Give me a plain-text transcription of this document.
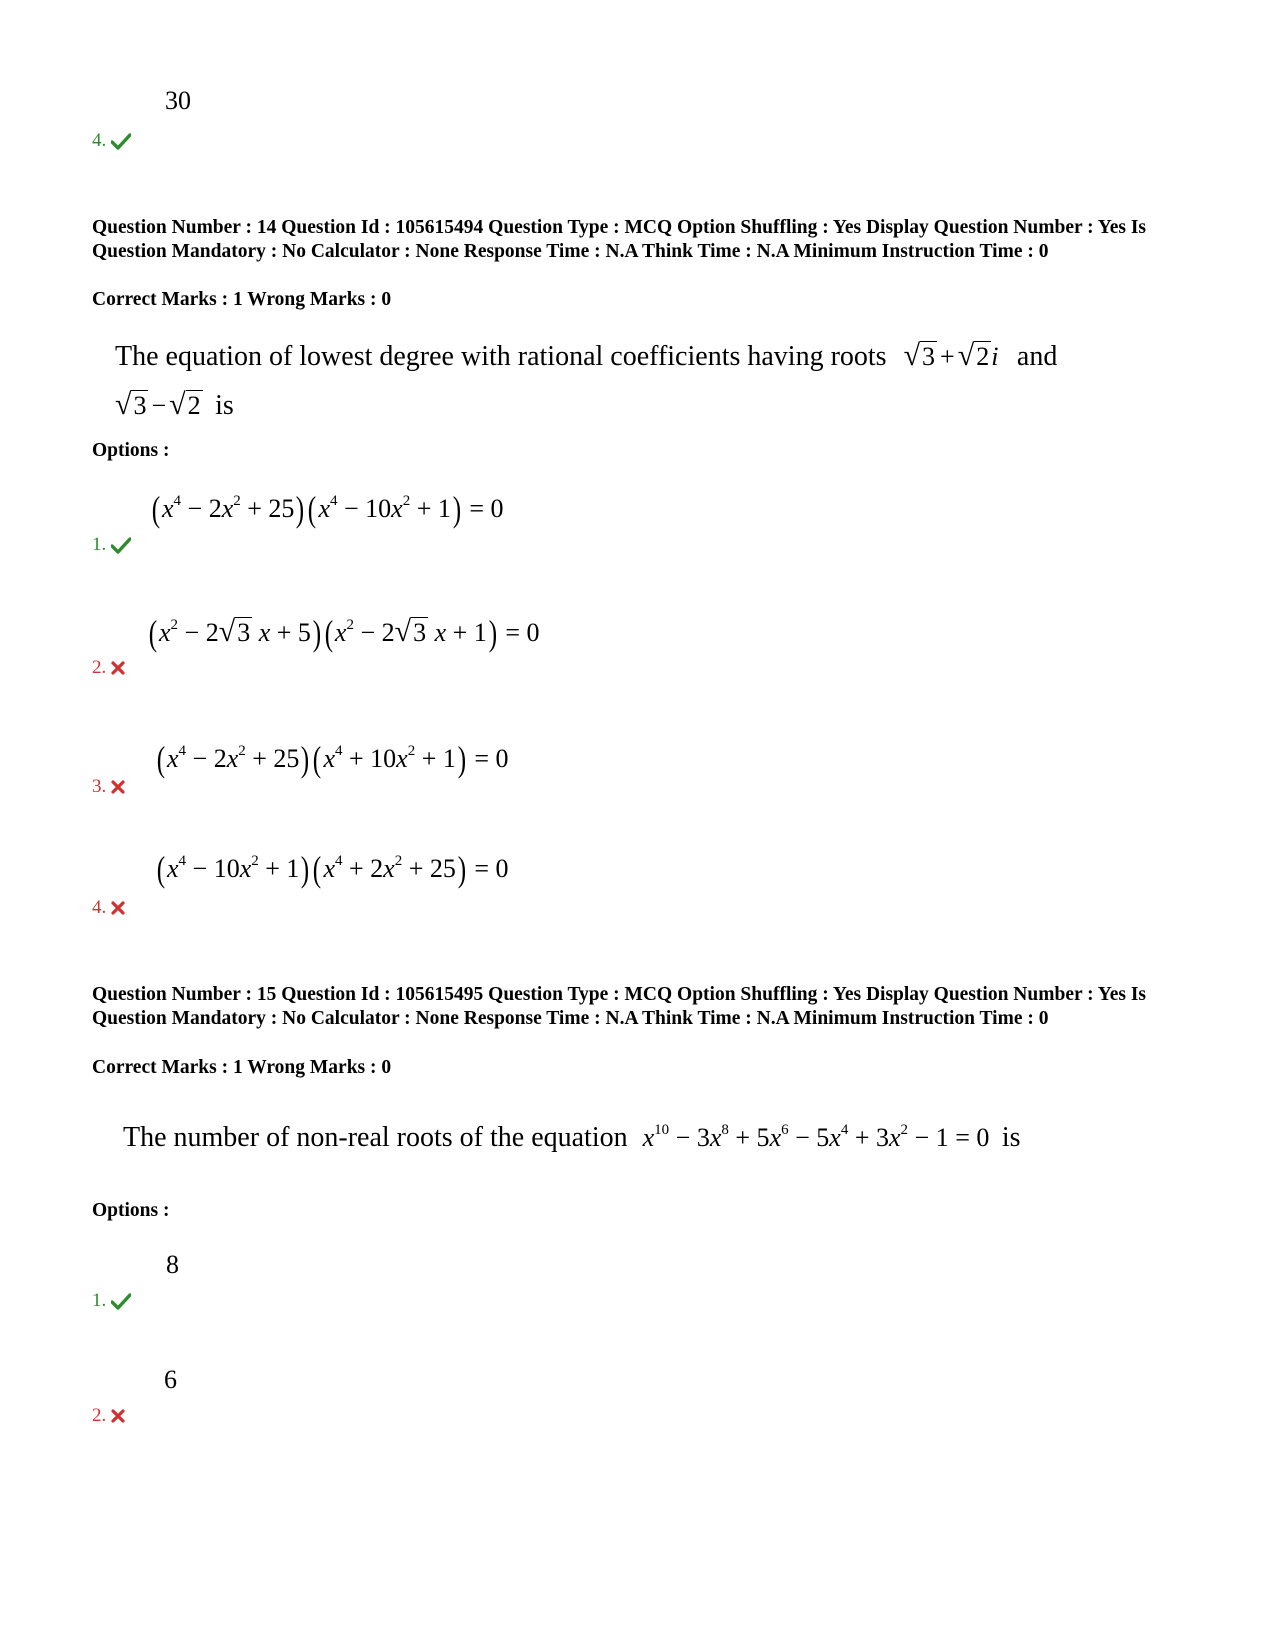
30
4.
Question Number : 14 Question Id : 105615494 Question Type : MCQ Option Shuffling : Yes Display Question Number : Yes Is Question Mandatory : No Calculator : None Response Time : N.A Think Time : N.A Minimum Instruction Time : 0
Correct Marks : 1 Wrong Marks : 0
The equation of lowest degree with rational coefficients having roots √3 + √2i and
√3 − √2 is
Options :
$(x^4 - 2x^2 + 25)(x^4 - 10x^2 + 1) = 0$
1.
($x^2 - 2√3$ $x + 5)(x^2 - 2√3$ x + 1) = 0
2.
$(x^4 - 2x^2 + 25)(x^4 + 10x^2 + 1) = 0$
3.
$(x^4 - 10x^2 + 1)(x^4 + 2x^2 + 25) = 0$
4.
Question Number : 15 Question Id : 105615495 Question Type : MCQ Option Shuffling : Yes Display Question Number : Yes Is Question Mandatory : No Calculator : None Response Time : N.A Think Time : N.A Minimum Instruction Time : 0
Correct Marks : 1 Wrong Marks : 0
The number of non-real roots of the equation $x^{10} - 3x^8 + 5x^6 - 5x^4 + 3x^2 - 1 = 0$ is
Options :
8
1.
6
2.
